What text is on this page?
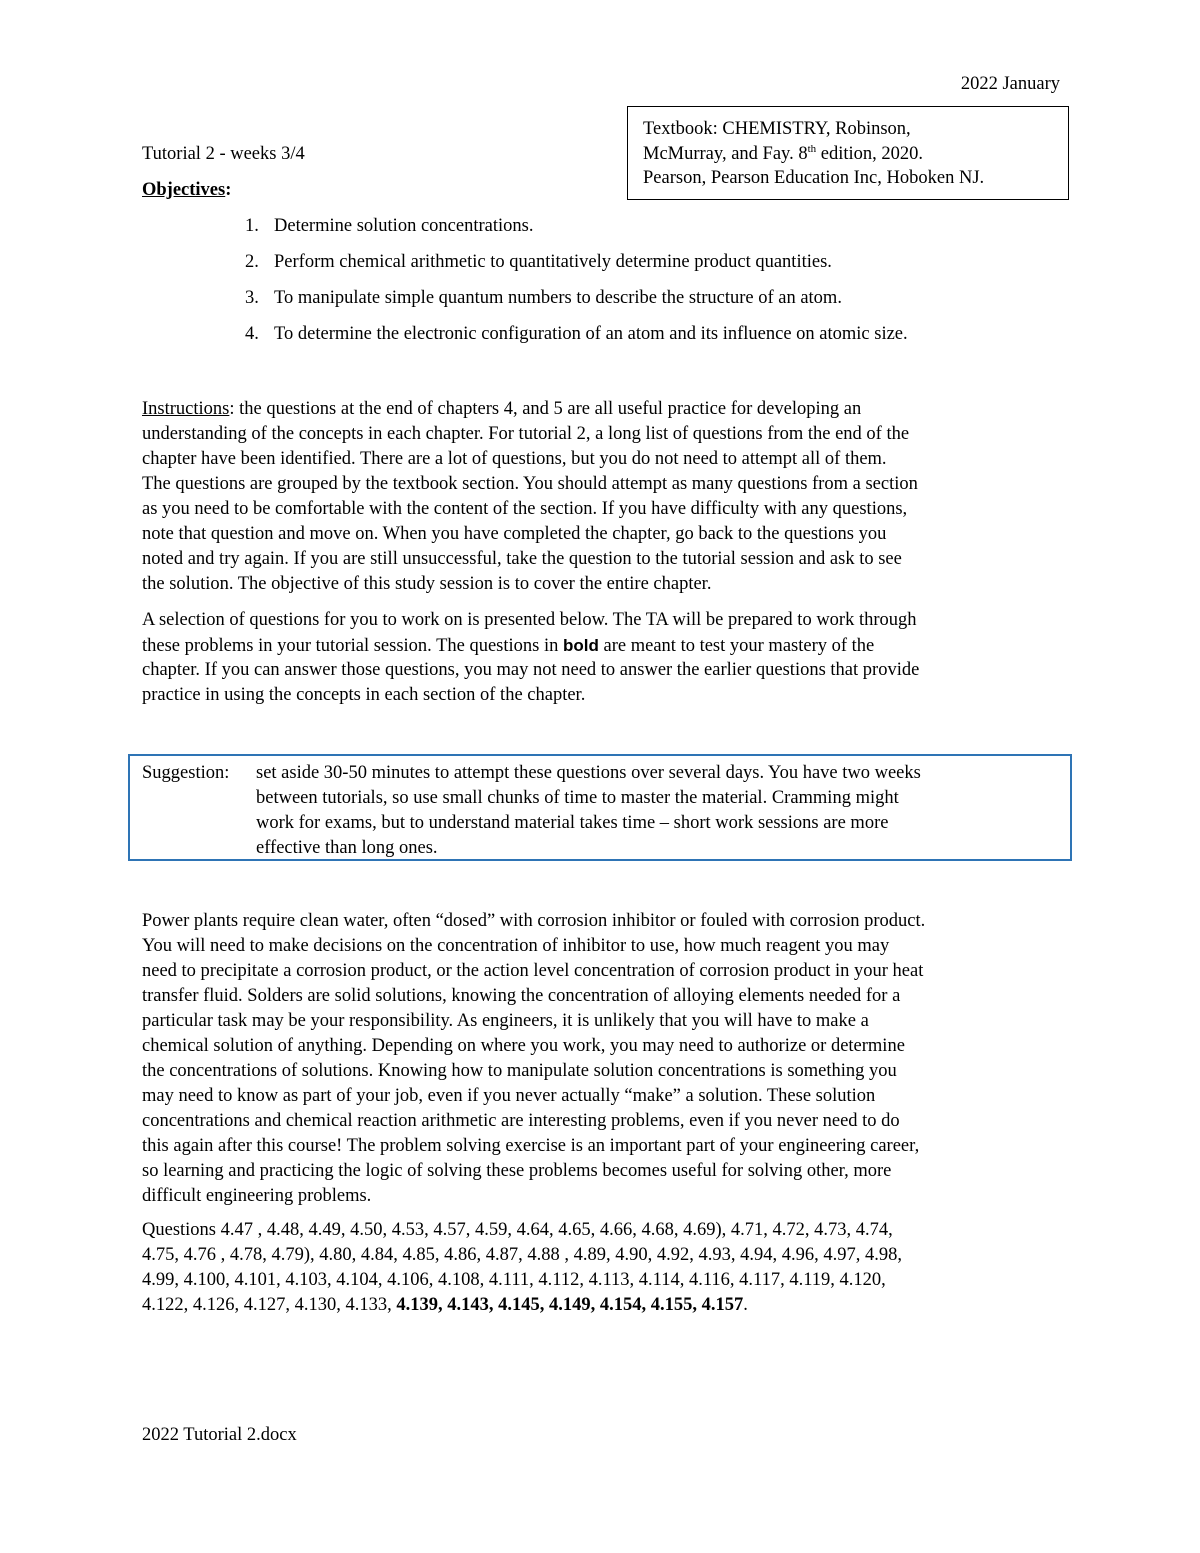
2022 January
Textbook: CHEMISTRY, Robinson,
McMurray, and Fay. 8th edition, 2020.
Pearson, Pearson Education Inc, Hoboken NJ.
Tutorial 2 - weeks 3/4
Objectives:
1. Determine solution concentrations.
2. Perform chemical arithmetic to quantitatively determine product quantities.
3. To manipulate simple quantum numbers to describe the structure of an atom.
4. To determine the electronic configuration of an atom and its influence on atomic size.
Instructions: the questions at the end of chapters 4, and 5 are all useful practice for developing an
understanding of the concepts in each chapter. For tutorial 2, a long list of questions from the end of the
chapter have been identified. There are a lot of questions, but you do not need to attempt all of them.
The questions are grouped by the textbook section. You should attempt as many questions from a section
as you need to be comfortable with the content of the section. If you have difficulty with any questions,
note that question and move on. When you have completed the chapter, go back to the questions you
noted and try again. If you are still unsuccessful, take the question to the tutorial session and ask to see
the solution. The objective of this study session is to cover the entire chapter.
A selection of questions for you to work on is presented below. The TA will be prepared to work through
these problems in your tutorial session. The questions in bold are meant to test your mastery of the
chapter. If you can answer those questions, you may not need to answer the earlier questions that provide
practice in using the concepts in each section of the chapter.
Suggestion: set aside 30-50 minutes to attempt these questions over several days. You have two weeks
between tutorials, so use small chunks of time to master the material. Cramming might
work for exams, but to understand material takes time – short work sessions are more
effective than long ones.
Power plants require clean water, often “dosed” with corrosion inhibitor or fouled with corrosion product.
You will need to make decisions on the concentration of inhibitor to use, how much reagent you may
need to precipitate a corrosion product, or the action level concentration of corrosion product in your heat
transfer fluid. Solders are solid solutions, knowing the concentration of alloying elements needed for a
particular task may be your responsibility. As engineers, it is unlikely that you will have to make a
chemical solution of anything. Depending on where you work, you may need to authorize or determine
the concentrations of solutions. Knowing how to manipulate solution concentrations is something you
may need to know as part of your job, even if you never actually “make” a solution. These solution
concentrations and chemical reaction arithmetic are interesting problems, even if you never need to do
this again after this course! The problem solving exercise is an important part of your engineering career,
so learning and practicing the logic of solving these problems becomes useful for solving other, more
difficult engineering problems.
Questions 4.47 , 4.48, 4.49, 4.50, 4.53, 4.57, 4.59, 4.64, 4.65, 4.66, 4.68, 4.69), 4.71, 4.72, 4.73, 4.74,
4.75, 4.76 , 4.78, 4.79), 4.80, 4.84, 4.85, 4.86, 4.87, 4.88 , 4.89, 4.90, 4.92, 4.93, 4.94, 4.96, 4.97, 4.98,
4.99, 4.100, 4.101, 4.103, 4.104, 4.106, 4.108, 4.111, 4.112, 4.113, 4.114, 4.116, 4.117, 4.119, 4.120,
4.122, 4.126, 4.127, 4.130, 4.133, 4.139, 4.143, 4.145, 4.149, 4.154, 4.155, 4.157.
2022 Tutorial 2.docx
